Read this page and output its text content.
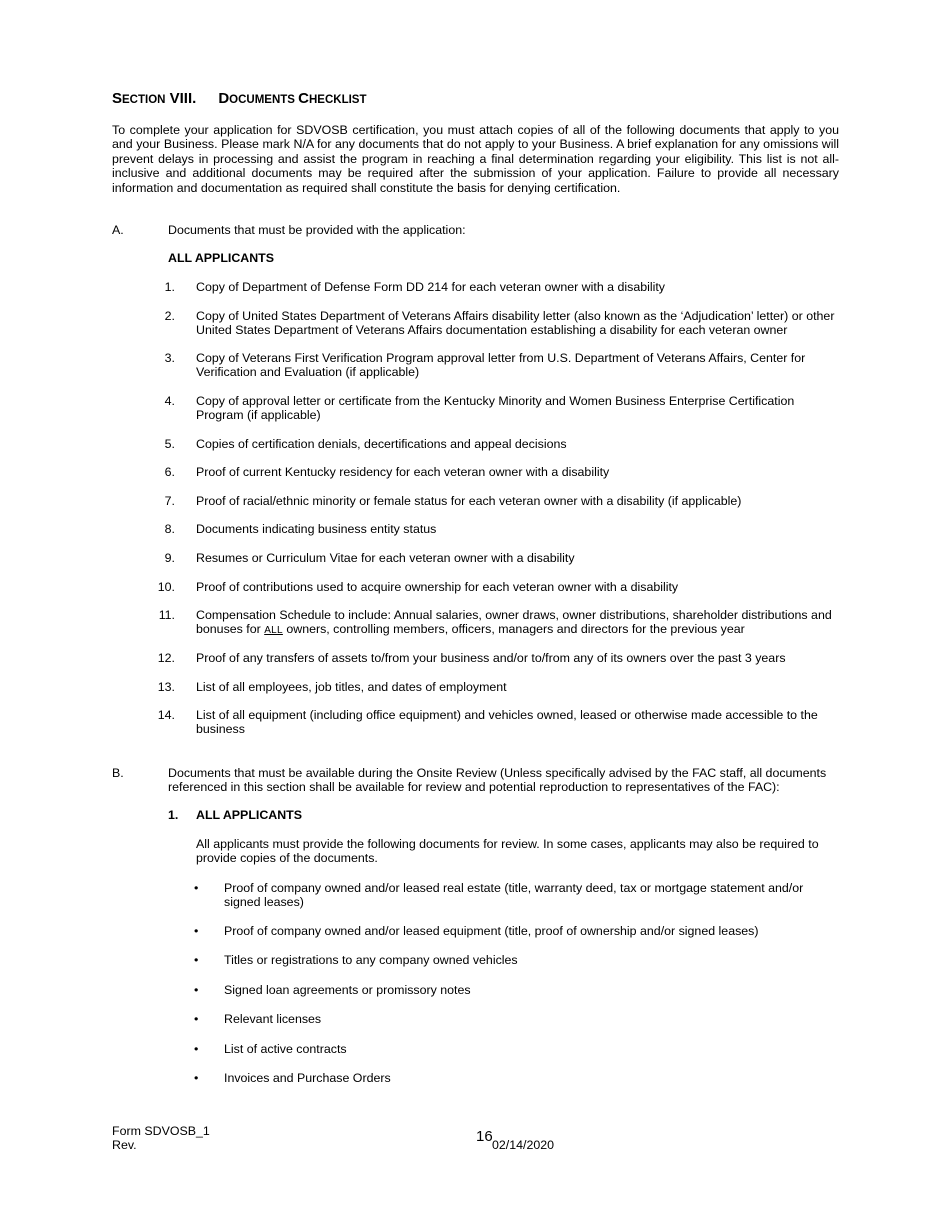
SECTION VIII. DOCUMENTS CHECKLIST
To complete your application for SDVOSB certification, you must attach copies of all of the following documents that apply to you and your Business. Please mark N/A for any documents that do not apply to your Business. A brief explanation for any omissions will prevent delays in processing and assist the program in reaching a final determination regarding your eligibility. This list is not all-inclusive and additional documents may be required after the submission of your application. Failure to provide all necessary information and documentation as required shall constitute the basis for denying certification.
A.	Documents that must be provided with the application:
ALL APPLICANTS
1. Copy of Department of Defense Form DD 214 for each veteran owner with a disability
2. Copy of United States Department of Veterans Affairs disability letter (also known as the ‘Adjudication’ letter) or other United States Department of Veterans Affairs documentation establishing a disability for each veteran owner
3. Copy of Veterans First Verification Program approval letter from U.S. Department of Veterans Affairs, Center for Verification and Evaluation (if applicable)
4. Copy of approval letter or certificate from the Kentucky Minority and Women Business Enterprise Certification Program (if applicable)
5. Copies of certification denials, decertifications and appeal decisions
6. Proof of current Kentucky residency for each veteran owner with a disability
7. Proof of racial/ethnic minority or female status for each veteran owner with a disability (if applicable)
8. Documents indicating business entity status
9. Resumes or Curriculum Vitae for each veteran owner with a disability
10. Proof of contributions used to acquire ownership for each veteran owner with a disability
11. Compensation Schedule to include: Annual salaries, owner draws, owner distributions, shareholder distributions and bonuses for ALL owners, controlling members, officers, managers and directors for the previous year
12. Proof of any transfers of assets to/from your business and/or to/from any of its owners over the past 3 years
13. List of all employees, job titles, and dates of employment
14. List of all equipment (including office equipment) and vehicles owned, leased or otherwise made accessible to the business
B.	Documents that must be available during the Onsite Review (Unless specifically advised by the FAC staff, all documents referenced in this section shall be available for review and potential reproduction to representatives of the FAC):
1. ALL APPLICANTS
All applicants must provide the following documents for review. In some cases, applicants may also be required to provide copies of the documents.
•	Proof of company owned and/or leased real estate (title, warranty deed, tax or mortgage statement and/or signed leases)
•	Proof of company owned and/or leased equipment (title, proof of ownership and/or signed leases)
•	Titles or registrations to any company owned vehicles
•	Signed loan agreements or promissory notes
•	Relevant licenses
•	List of active contracts
•	Invoices and Purchase Orders
Form SDVOSB_1
Rev.
16 02/14/2020
